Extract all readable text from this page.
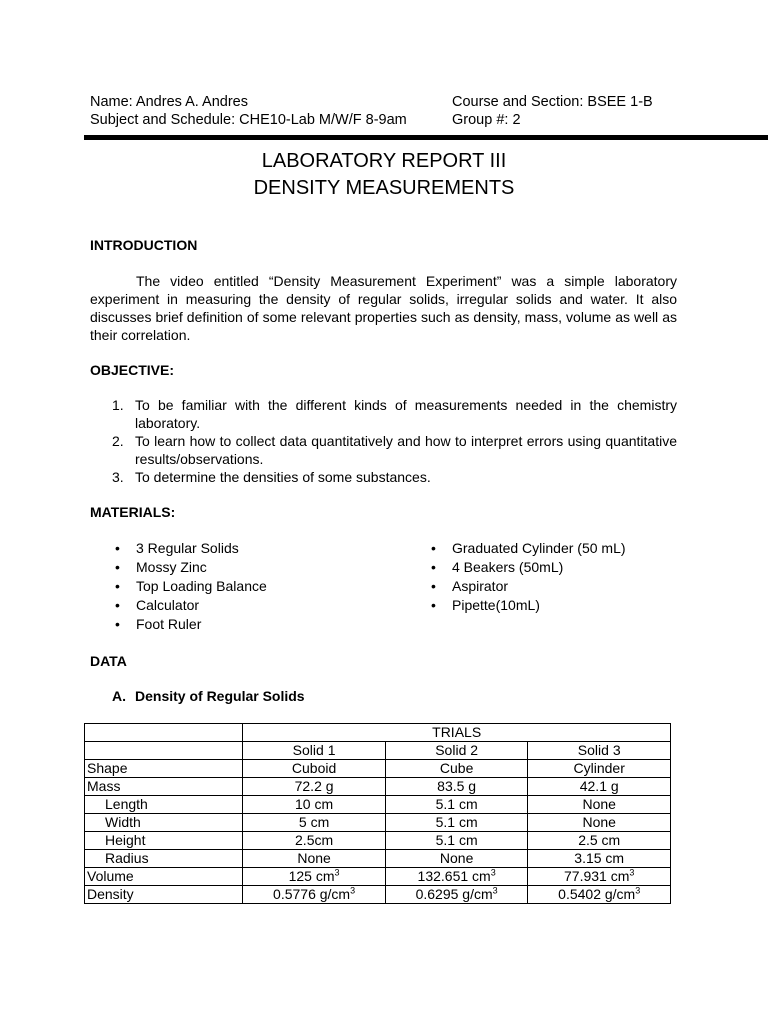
Name: Andres A. Andres
Subject and Schedule: CHE10-Lab M/W/F 8-9am
Course and Section: BSEE 1-B
Group #: 2
LABORATORY REPORT III
DENSITY MEASUREMENTS
INTRODUCTION

The video entitled “Density Measurement Experiment” was a simple laboratory experiment in measuring the density of regular solids, irregular solids and water. It also discusses brief definition of some relevant properties such as density, mass, volume as well as their correlation.

OBJECTIVE:
1. To be familiar with the different kinds of measurements needed in the chemistry laboratory.
2. To learn how to collect data quantitatively and how to interpret errors using quantitative results/observations.
3. To determine the densities of some substances.
MATERIALS:
• 3 Regular Solids
• Mossy Zinc
• Top Loading Balance
• Calculator
• Foot Ruler
• Graduated Cylinder (50 mL)
• 4 Beakers (50mL)
• Aspirator
• Pipette(10mL)
DATA
A. Density of Regular Solids
	TRIALS		
	Solid 1	Solid 2	Solid 3
Shape	Cuboid	Cube	Cylinder
Mass	72.2 g	83.5 g	42.1 g
Length	10 cm	5.1 cm	None
Width	5 cm	5.1 cm	None
Height	2.5cm	5.1 cm	2.5 cm
Radius	None	None	3.15 cm
Volume	125 $cm^3$	132.651 $cm^3$	77.931 $cm^3$
Density	0.5776 $g/cm^3$	0.6295 $g/cm^3$	0.5402 $g/cm^3$
